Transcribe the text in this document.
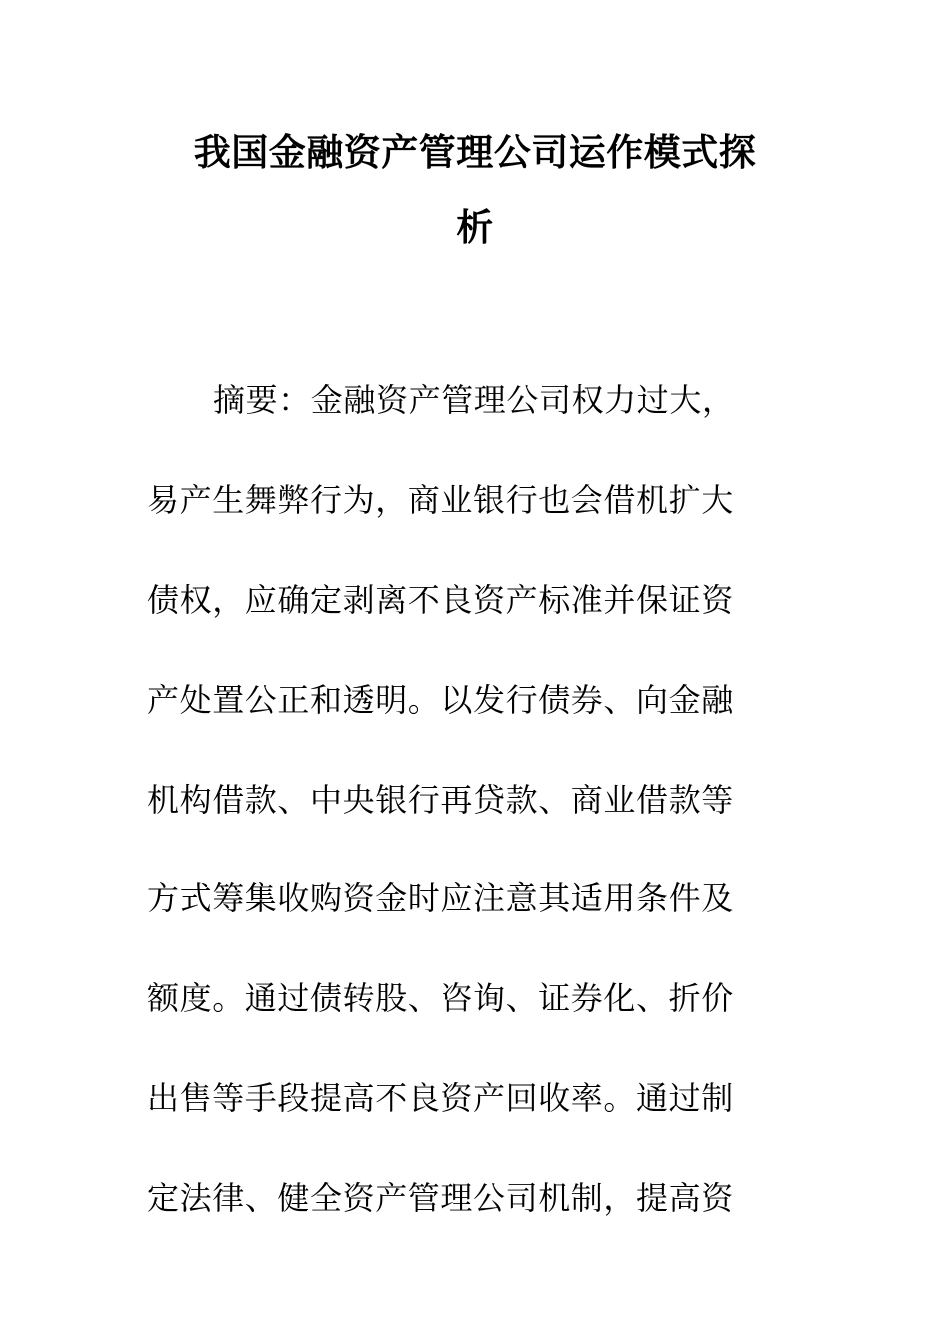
我国金融资产管理公司运作模式探
析
摘要：金融资产管理公司权力过大，
易产生舞弊行为，商业银行也会借机扩大
债权，应确定剥离不良资产标准并保证资
产处置公正和透明。以发行债券、向金融
机构借款、中央银行再贷款、商业借款等
方式筹集收购资金时应注意其适用条件及
额度。通过债转股、咨询、证券化、折价
出售等手段提高不良资产回收率。通过制
定法律、健全资产管理公司机制，提高资
